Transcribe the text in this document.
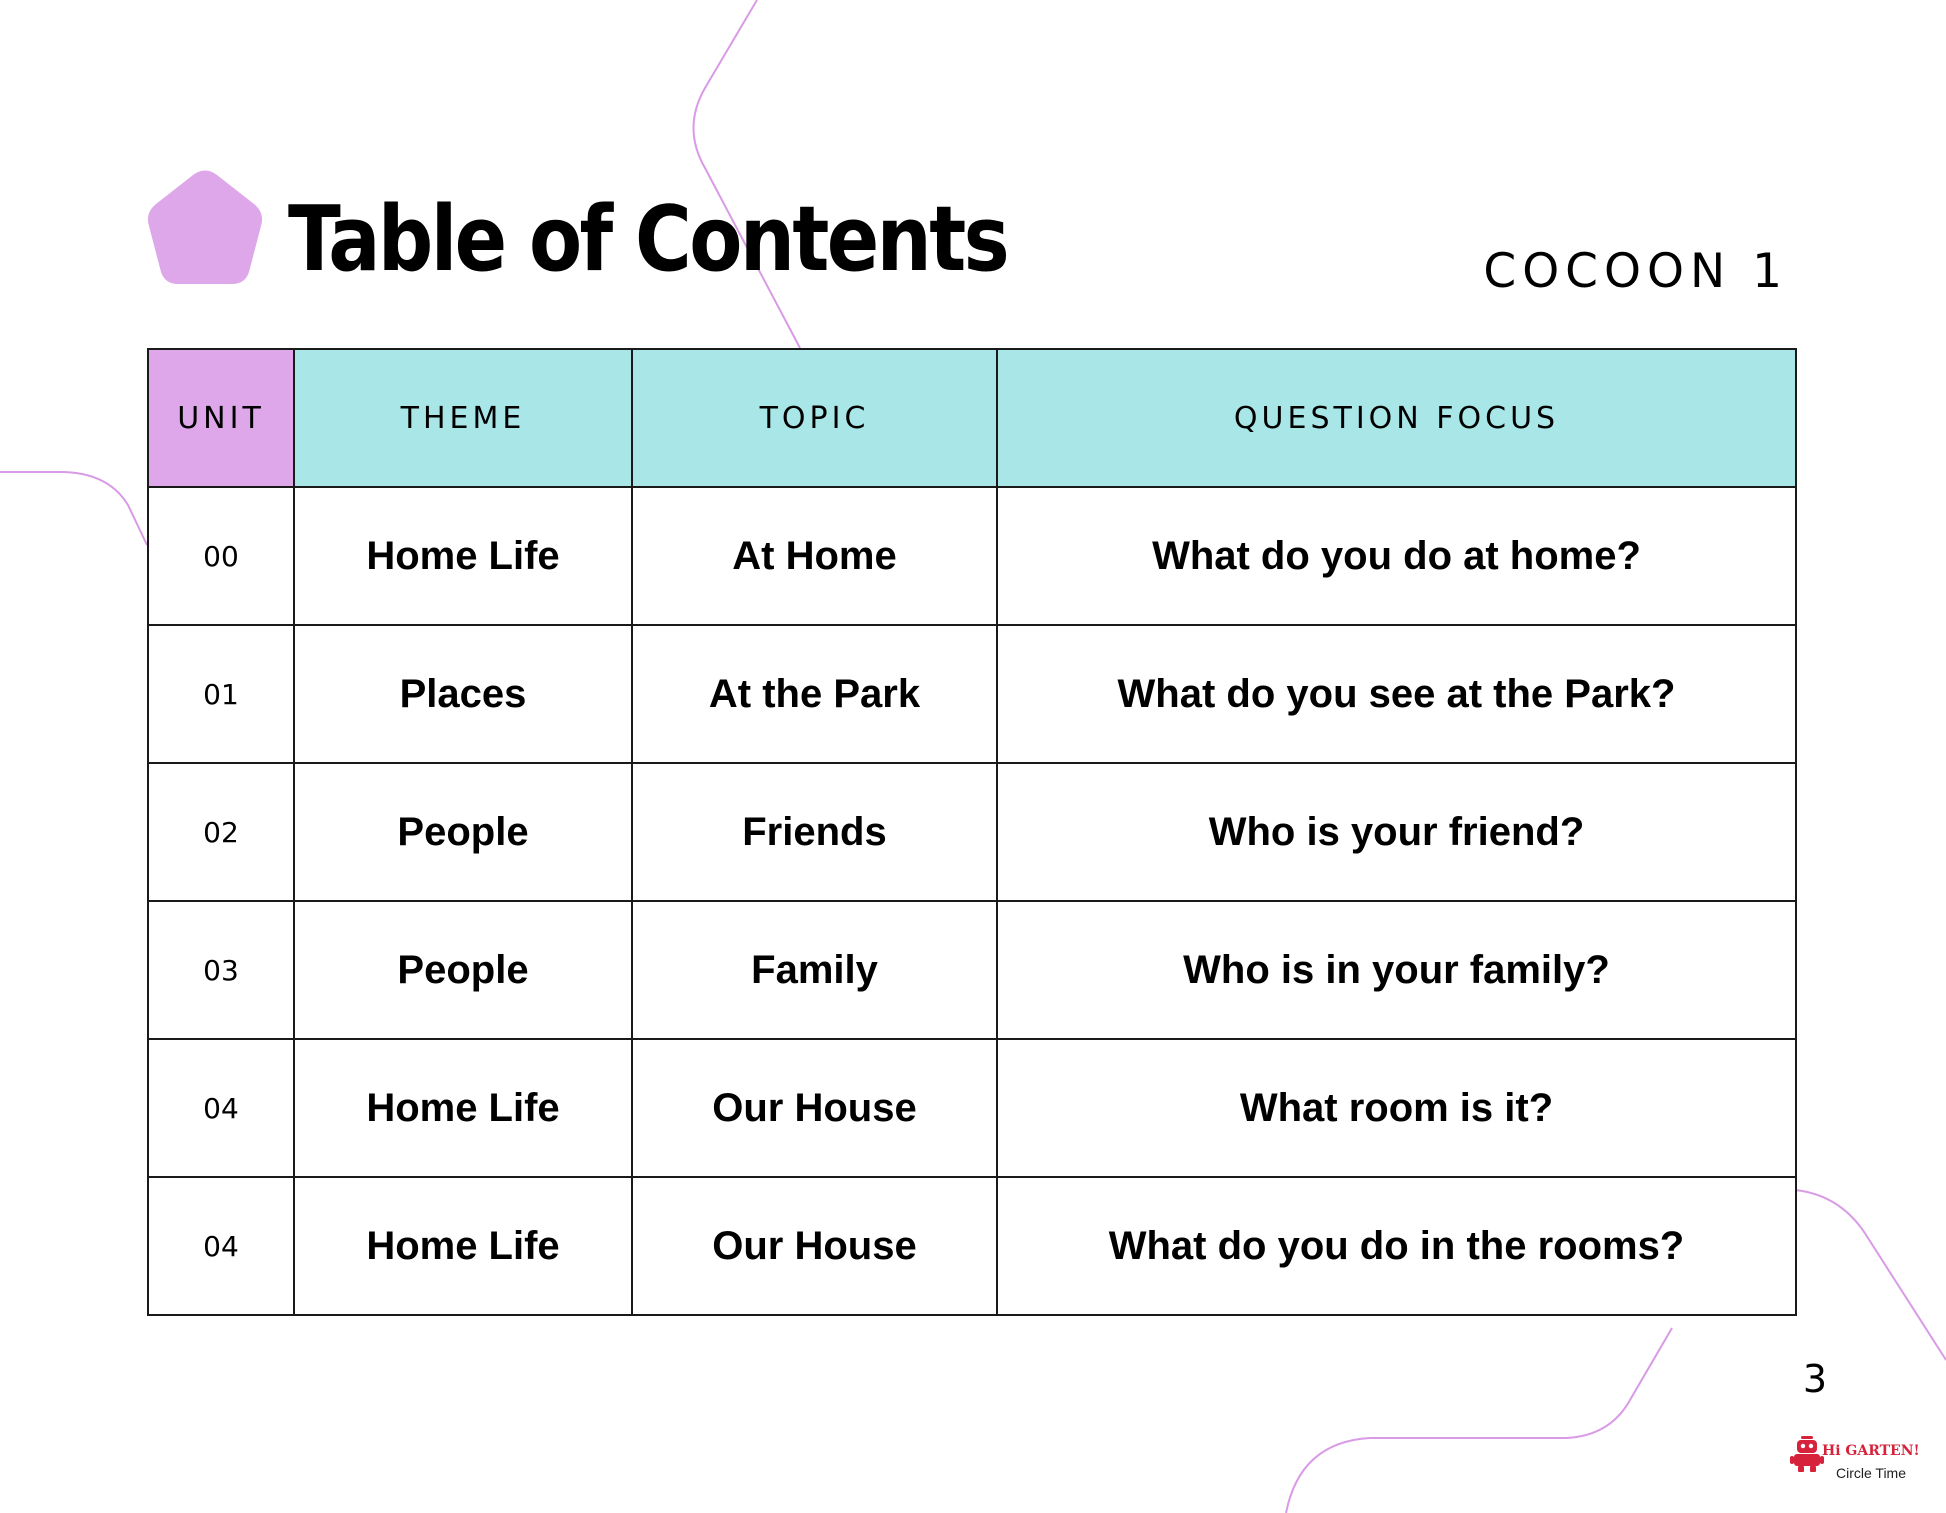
Table of Contents	COCOON 1
UNIT	THEME	TOPIC	QUESTION FOCUS
00	Home Life	At Home	What do you do at home?
01	Places	At the Park	What do you see at the Park?
02	People	Friends	Who is your friend?
03	People	Family	Who is in your family?
04	Home Life	Our House	What room is it?
04	Home Life	Our House	What do you do in the rooms?
3
Hi GARTEN!
Circle Time
